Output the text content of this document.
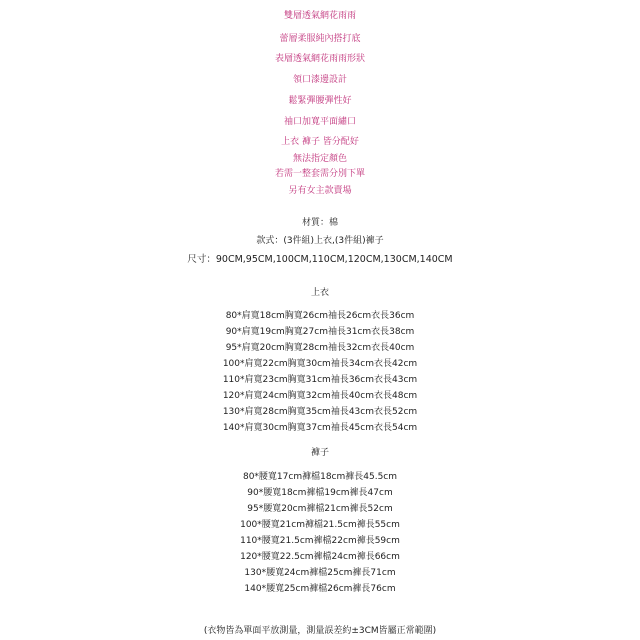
雙層透氣網花雨雨
蕾層柔服純內搭打底
表層透氣網花雨雨形狀
領口漆邊設計
鬆緊彈腰彈性好
袖口加寬平面繡口
上衣 褲子 皆分配好
無法指定顏色
若需一整套需分別下單
另有女主款賣場
材質：棉
款式：(3件組)上衣,(3件組)褲子
尺寸：90CM,95CM,100CM,110CM,120CM,130CM,140CM
上衣
80*肩寬18cm胸寬26cm袖長26cm衣長36cm
90*肩寬19cm胸寬27cm袖長31cm衣長38cm
95*肩寬20cm胸寬28cm袖長32cm衣長40cm
100*肩寬22cm胸寬30cm袖長34cm衣長42cm
110*肩寬23cm胸寬31cm袖長36cm衣長43cm
120*肩寬24cm胸寬32cm袖長40cm衣長48cm
130*肩寬28cm胸寬35cm袖長43cm衣長52cm
140*肩寬30cm胸寬37cm袖長45cm衣長54cm
褲子
80*腰寬17cm褲檔18cm褲長45.5cm
90*腰寬18cm褲檔19cm褲長47cm
95*腰寬20cm褲檔21cm褲長52cm
100*腰寬21cm褲檔21.5cm褲長55cm
110*腰寬21.5cm褲檔22cm褲長59cm
120*腰寬22.5cm褲檔24cm褲長66cm
130*腰寬24cm褲檔25cm褲長71cm
140*腰寬25cm褲檔26cm褲長76cm
(衣物皆為單面平放測量，測量誤差約±3CM皆屬正常範圍)
